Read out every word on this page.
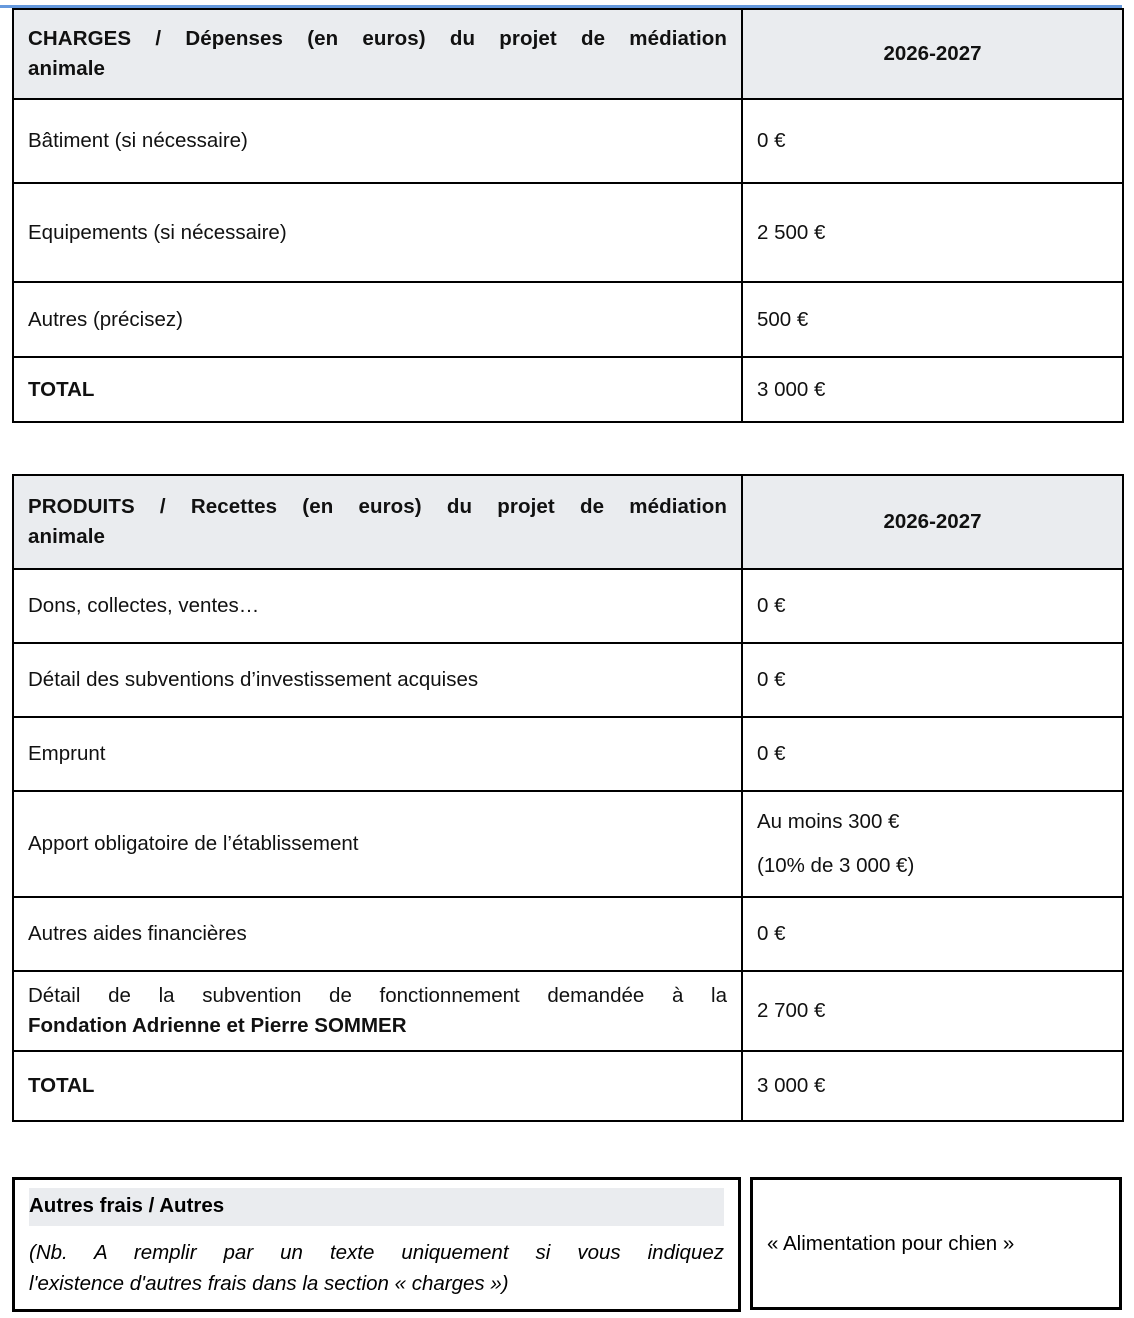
CHARGES / Dépenses (en euros) du projet de médiation
animale	2026-2027
Bâtiment (si nécessaire)	0 €
Equipements (si nécessaire)	2 500 €
Autres (précisez)	500 €
TOTAL	3 000 €
PRODUITS / Recettes (en euros) du projet de médiation
animale	2026-2027
Dons, collectes, ventes…	0 €
Détail des subventions d’investissement acquises	0 €
Emprunt	0 €
Apport obligatoire de l’établissement	Au moins 300 €
(10% de 3 000 €)

Autres aides financières	0 €

Détail de la subvention de fonctionnement demandée à la
Fondation Adrienne et Pierre SOMMER	2 700 €
TOTAL	3 000 €
Autres frais / Autres
(Nb. A remplir par un texte uniquement si vous indiquez
l'existence d'autres frais dans la section « charges »)
« Alimentation pour chien »
